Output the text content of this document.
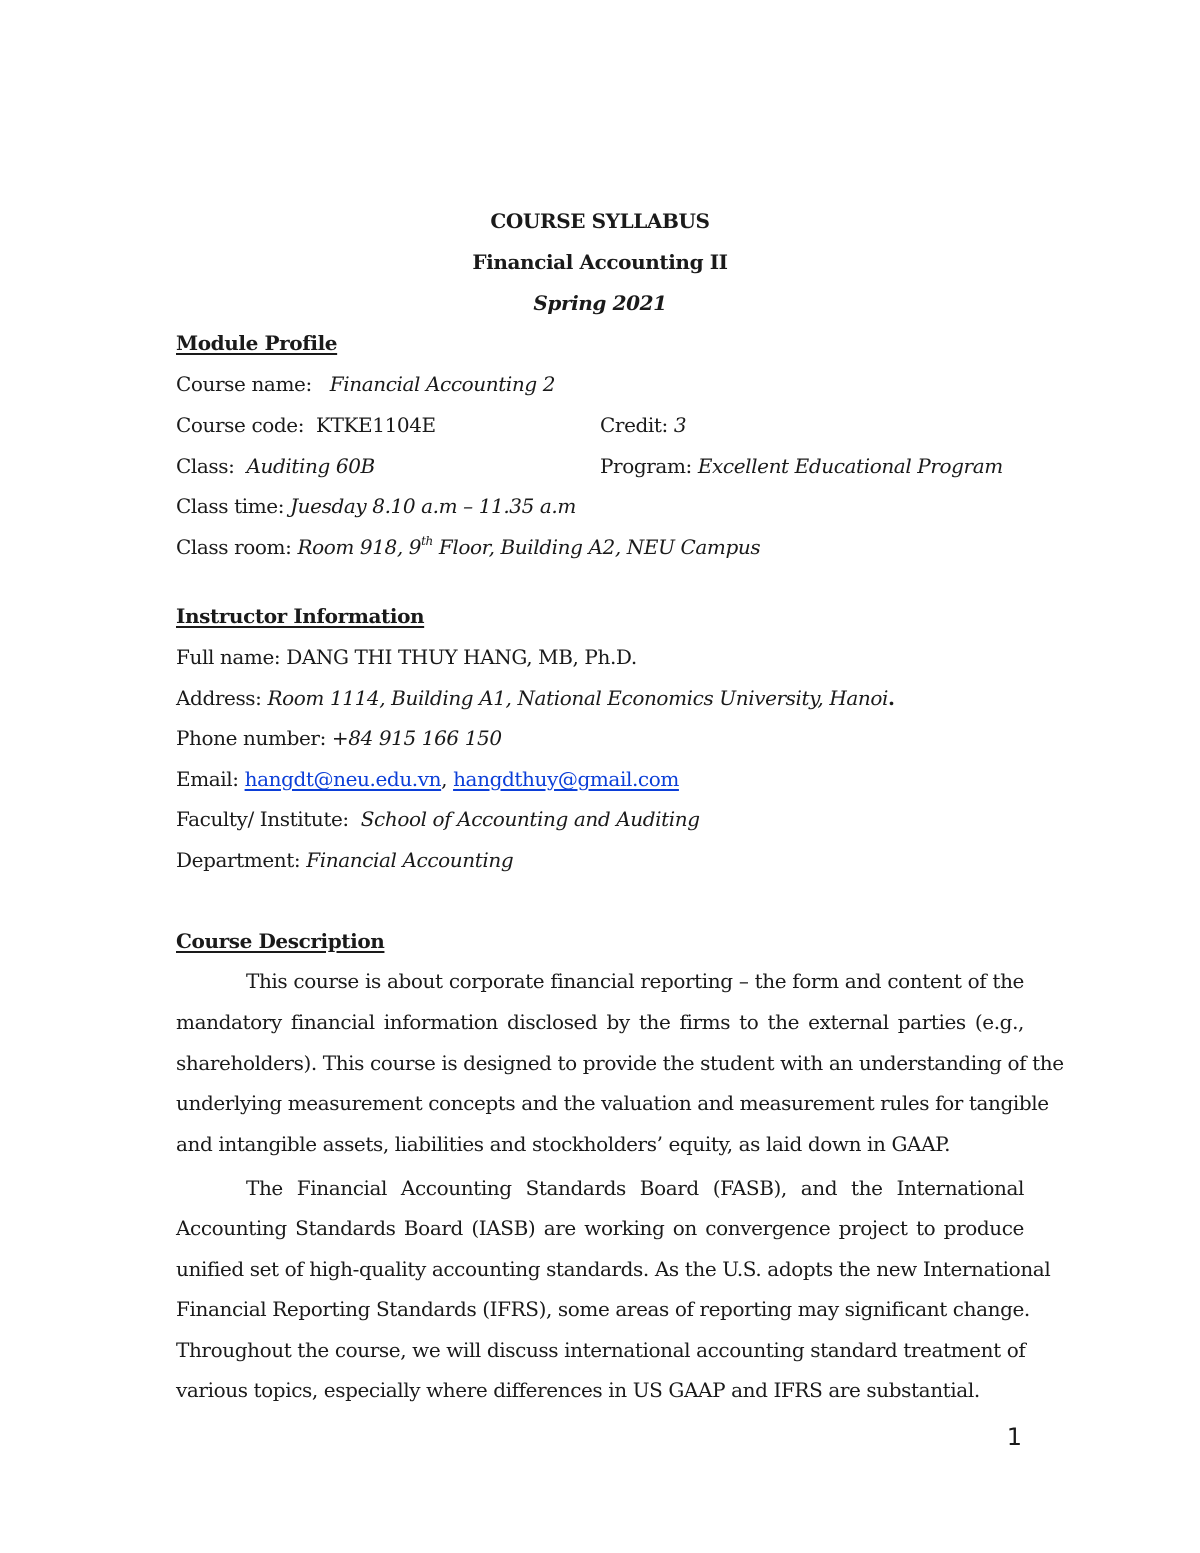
COURSE SYLLABUS
Financial Accounting II
Spring 2021
Module Profile
Course name: Financial Accounting 2
Course code: KTKE1104E	Credit: 3
Class: Auditing 60B	Program: Excellent Educational Program
Class time: Juesday 8.10 a.m – 11.35 a.m
Class room: Room 918, 9th Floor, Building A2, NEU Campus
Instructor Information
Full name: DANG THI THUY HANG, MB, Ph.D.
Address: Room 1114, Building A1, National Economics University, Hanoi.
Phone number: +84 915 166 150
Email: hangdt@neu.edu.vn, hangdthuy@gmail.com
Faculty/ Institute: School of Accounting and Auditing
Department: Financial Accounting
Course Description
This course is about corporate financial reporting – the form and content of the
mandatory financial information disclosed by the firms to the external parties (e.g.,
shareholders). This course is designed to provide the student with an understanding of the
underlying measurement concepts and the valuation and measurement rules for tangible
and intangible assets, liabilities and stockholders’ equity, as laid down in GAAP.
The Financial Accounting Standards Board (FASB), and the International
Accounting Standards Board (IASB) are working on convergence project to produce
unified set of high-quality accounting standards. As the U.S. adopts the new International
Financial Reporting Standards (IFRS), some areas of reporting may significant change.
Throughout the course, we will discuss international accounting standard treatment of
various topics, especially where differences in US GAAP and IFRS are substantial.
1
